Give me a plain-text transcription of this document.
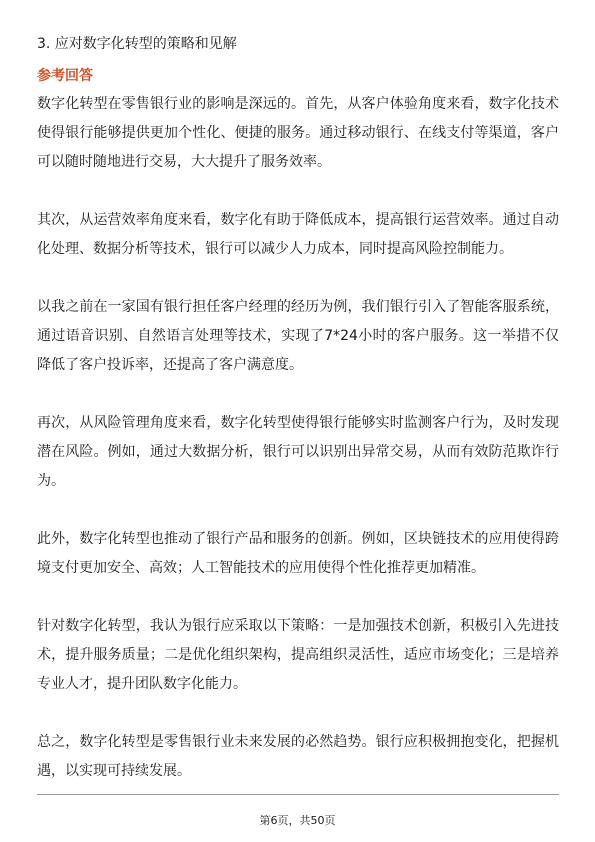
3. 应对数字化转型的策略和见解
参考回答

数字化转型在零售银行业的影响是深远的。首先，从客户体验角度来看，数字化技术使得银行能够提供更加个性化、便捷的服务。通过移动银行、在线支付等渠道，客户可以随时随地进行交易，大大提升了服务效率。

其次，从运营效率角度来看，数字化有助于降低成本，提高银行运营效率。通过自动化处理、数据分析等技术，银行可以减少人力成本，同时提高风险控制能力。

以我之前在一家国有银行担任客户经理的经历为例，我们银行引入了智能客服系统，通过语音识别、自然语言处理等技术，实现了7*24小时的客户服务。这一举措不仅降低了客户投诉率，还提高了客户满意度。

再次，从风险管理角度来看，数字化转型使得银行能够实时监测客户行为，及时发现潜在风险。例如，通过大数据分析，银行可以识别出异常交易，从而有效防范欺诈行为。

此外，数字化转型也推动了银行产品和服务的创新。例如，区块链技术的应用使得跨境支付更加安全、高效；人工智能技术的应用使得个性化推荐更加精准。

针对数字化转型，我认为银行应采取以下策略：一是加强技术创新，积极引入先进技术，提升服务质量；二是优化组织架构，提高组织灵活性，适应市场变化；三是培养专业人才，提升团队数字化能力。

总之，数字化转型是零售银行业未来发展的必然趋势。银行应积极拥抱变化，把握机遇，以实现可持续发展。

第6页，共50页
